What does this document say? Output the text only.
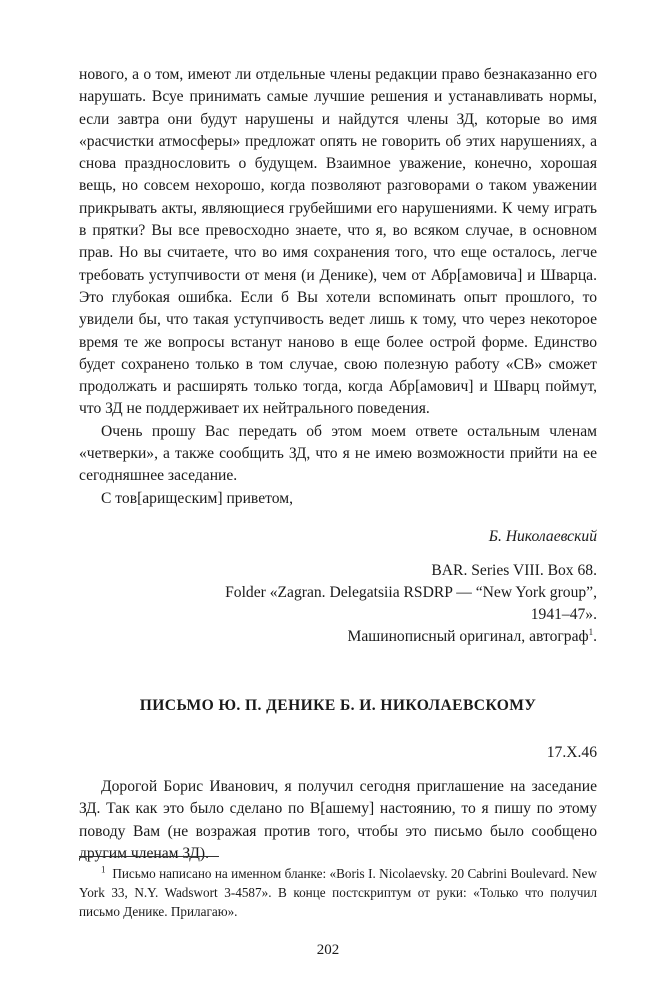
нового, а о том, имеют ли отдельные члены редакции право безнаказанно его нарушать. Всуе принимать самые лучшие решения и устанавливать нормы, если завтра они будут нарушены и найдутся члены ЗД, которые во имя «расчистки атмосферы» предложат опять не говорить об этих нарушениях, а снова празднословить о будущем. Взаимное уважение, конечно, хорошая вещь, но совсем нехорошо, когда позволяют разговорами о таком уважении прикрывать акты, являющиеся грубейшими его нарушениями. К чему играть в прятки? Вы все превосходно знаете, что я, во всяком случае, в основном прав. Но вы считаете, что во имя сохранения того, что еще осталось, легче требовать уступчивости от меня (и Денике), чем от Абр[амовича] и Шварца. Это глубокая ошибка. Если б Вы хотели вспоминать опыт прошлого, то увидели бы, что такая уступчивость ведет лишь к тому, что через некоторое время те же вопросы встанут наново в еще более острой форме. Единство будет сохранено только в том случае, свою полезную работу «СВ» сможет продолжать и расширять только тогда, когда Абр[амович] и Шварц поймут, что ЗД не поддерживает их нейтрального поведения.

Очень прошу Вас передать об этом моем ответе остальным членам «четверки», а также сообщить ЗД, что я не имею возможности прийти на ее сегодняшнее заседание.

С тов[арищеским] приветом,

Б. Николаевский

BAR. Series VIII. Box 68.
Folder «Zagran. Delegatsiia RSDRP — “New York group”,
1941–47».
Машинописный оригинал, автограф$^1$.
ПИСЬМО Ю. П. ДЕНИКЕ Б. И. НИКОЛАЕВСКОМУ
17.X.46

Дорогой Борис Иванович, я получил сегодня приглашение на заседание ЗД. Так как это было сделано по В[ашему] настоянию, то я пишу по этому поводу Вам (не возражая против того, чтобы это письмо было сообщено другим членам ЗД).

$^1$ Письмо написано на именном бланке: «Boris I. Nicolaevsky. 20 Cabrini Boulevard. New York 33, N.Y. Wadswort 3-4587». В конце постскриптум от руки: «Только что получил письмо Денике. Прилагаю».

202
